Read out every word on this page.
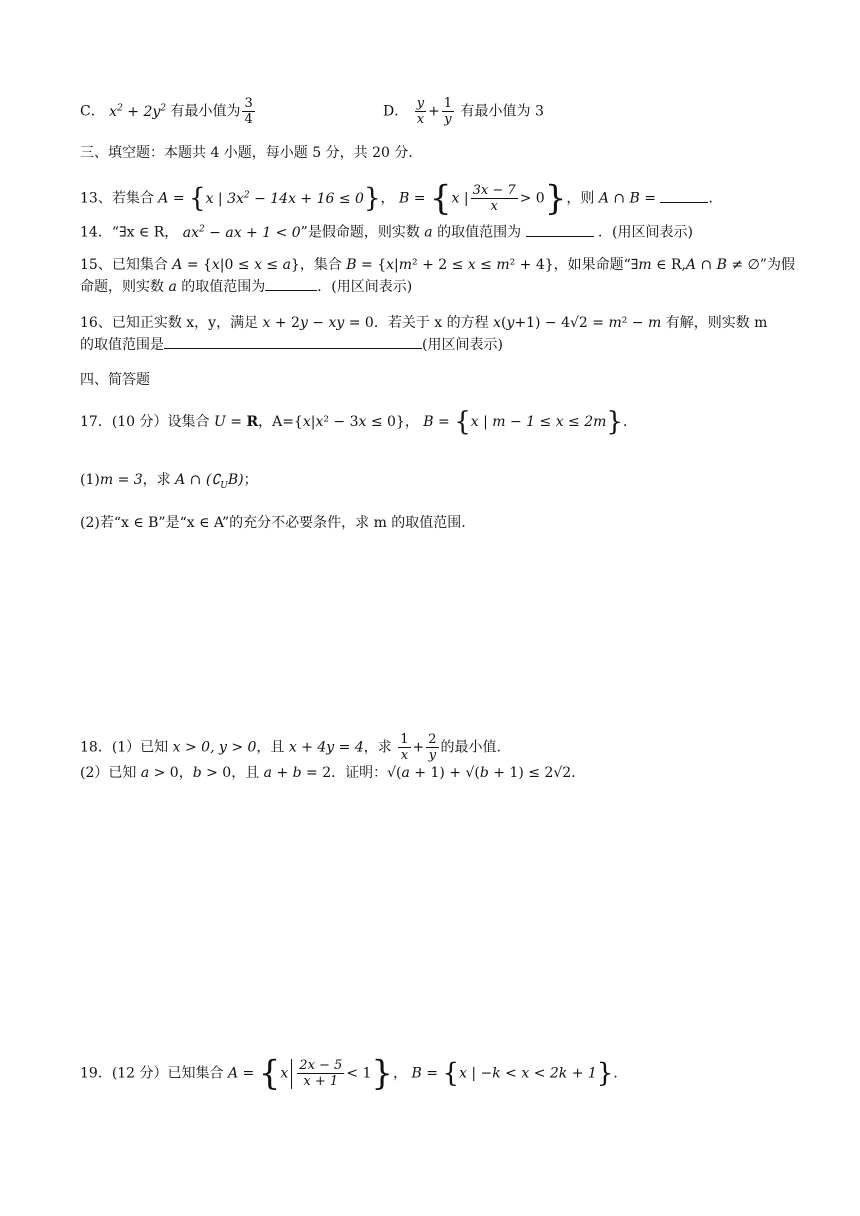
C． $x^2 + 2y^2$ 有最小值为 $\frac{3}{4}$	D． $\frac{y}{x} + \frac{1}{y}$ 有最小值为 3
三、填空题：本题共 4 小题，每小题 5 分，共 20 分．
13、若集合 A = {x | $3x^2 - 14x + 16 \le 0$}， B = {x | $\frac{3x - 7}{x} > 0$}，则 A ∩ B =	．
14．“∃x ∈ R， $ax^2$ − ax + 1 < 0”是假命题，则实数 a 的取值范围为	．(用区间表示)
15、已知集合 𝐴 = {𝑥|0 ≤ 𝑥 ≤ 𝑎}，集合 𝐵 = {𝑥|𝑚² + 2 ≤ 𝑥 ≤ 𝑚² + 4}，如果命题“∃𝑚 ∈ R,𝐴 ∩ 𝐵 ≠ ∅”为假
命题，则实数 𝑎 的取值范围为	．(用区间表示)
16、已知正实数 x，y，满足 𝑥 + 2𝑦 − 𝑥𝑦 = 0．若关于 x 的方程 𝑥(𝑦+1) − 4√2 = 𝑚² − 𝑚 有解，则实数 m
的取值范围是	(用区间表示)
四、简答题
17．(10 分）设集合 U = R，A={𝑥|𝑥² − 3𝑥 ≤ 0}， B = {x | m − 1 ≤ x ≤ 2m}．
(1)m = 3，求 A ∩ $(∁_UB)$；
(2)若“x ∈ B”是“x ∈ A”的充分不必要条件，求 m 的取值范围.
18．(1）已知 x > 0, y > 0，且 x + 4y = 4，求 $\frac{1}{x} + \frac{2}{y}$ 的最小值.
(2）已知 𝑎 > 0，𝑏 > 0，且 𝑎 + 𝑏 = 2．证明：√(𝑎 + 1) + √(𝑏 + 1) ≤ 2√2．
19．(12 分）已知集合 $A = \{x \frac{2x - 5}{x + 1} < 1\}$， B = {x | −k < x < 2k + 1}．
